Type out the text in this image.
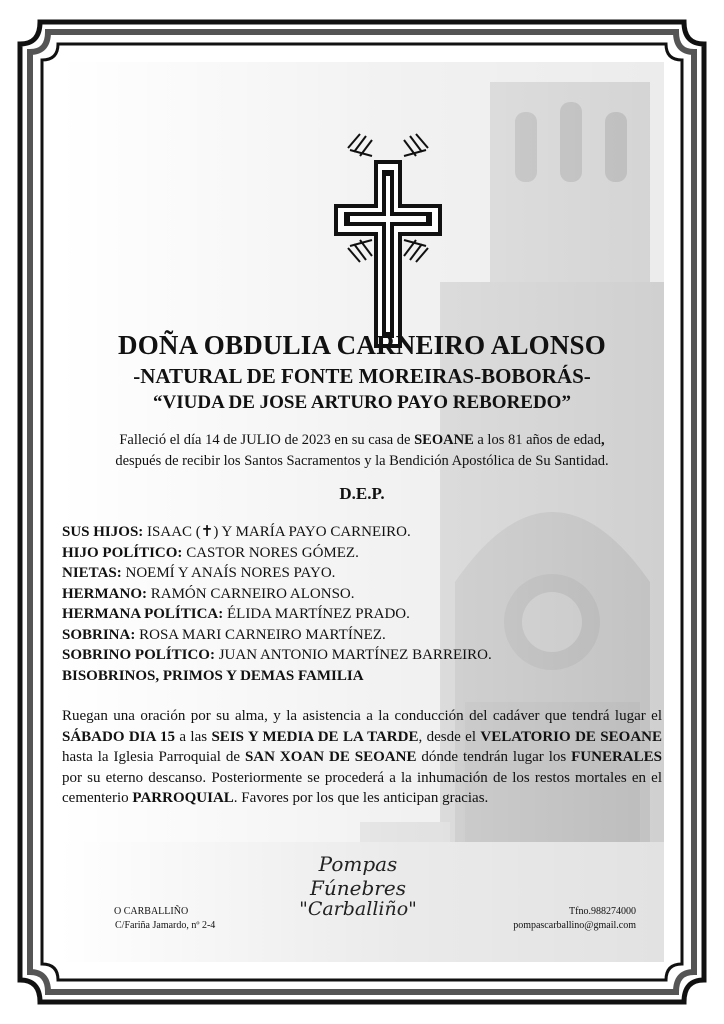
DOÑA OBDULIA CARNEIRO ALONSO
-NATURAL DE FONTE MOREIRAS-BOBORÁS-
“VIUDA DE JOSE ARTURO PAYO REBOREDO”
Falleció el día 14 de JULIO de 2023 en su casa de SEOANE a los 81 años de edad,
después de recibir los Santos Sacramentos y la Bendición Apostólica de Su Santidad.
D.E.P.
SUS HIJOS: ISAAC (✝) Y MARÍA PAYO CARNEIRO.
HIJO POLÍTICO: CASTOR NORES GÓMEZ.
NIETAS: NOEMÍ Y ANAÍS NORES PAYO.
HERMANO: RAMÓN CARNEIRO ALONSO.
HERMANA POLÍTICA: ÉLIDA MARTÍNEZ PRADO.
SOBRINA: ROSA MARI CARNEIRO MARTÍNEZ.
SOBRINO POLÍTICO: JUAN ANTONIO MARTÍNEZ BARREIRO.
BISOBRINOS, PRIMOS Y DEMAS FAMILIA
Ruegan una oración por su alma, y la asistencia a la conducción del cadáver que tendrá lugar el SÁBADO DIA 15 a las SEIS Y MEDIA DE LA TARDE, desde el VELATORIO DE SEOANE hasta la Iglesia Parroquial de SAN XOAN DE SEOANE dónde tendrán lugar los FUNERALES por su eterno descanso. Posteriormente se procederá a la inhumación de los restos mortales en el cementerio PARROQUIAL. Favores por los que les anticipan gracias.
Pompas Fúnebres
"Carballiño"
O CARBALLIÑO
C/Fariña Jamardo, nº 2-4
Tfno.988274000
pompascarballino@gmail.com
